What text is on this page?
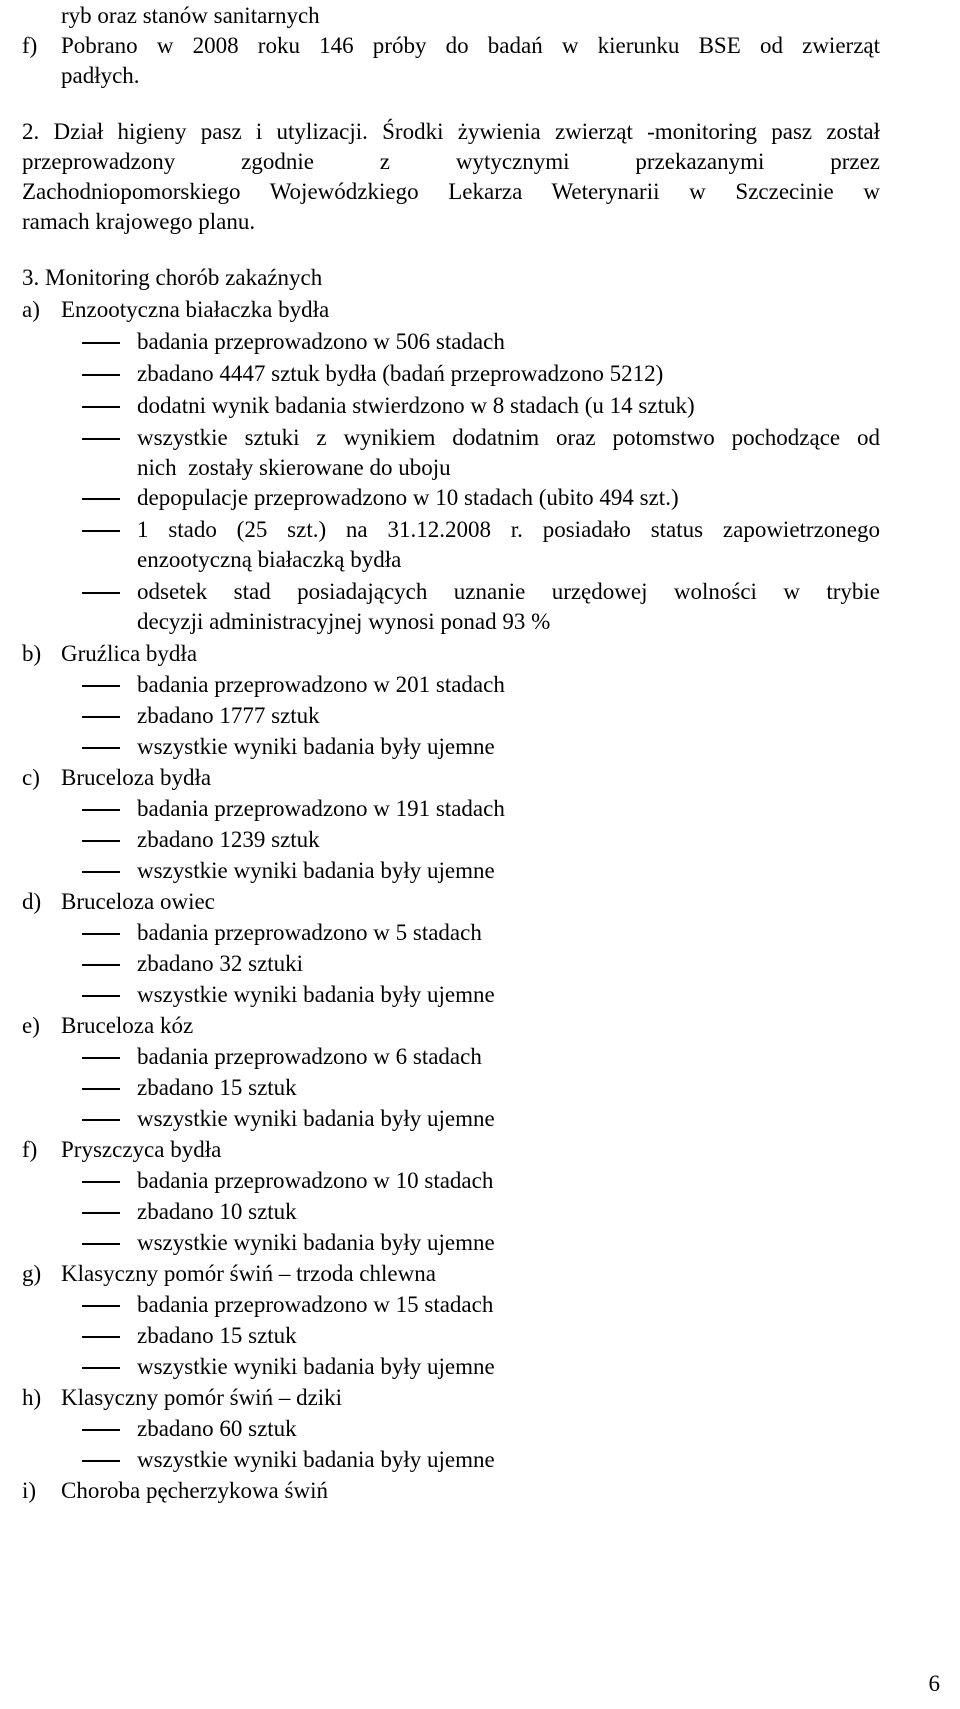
ryb oraz stanów sanitarnych
f) Pobrano w 2008 roku 146 próby do badań w kierunku BSE od zwierząt
padłych.
2. Dział higieny pasz i utylizacji. Środki żywienia zwierząt -monitoring pasz został
przeprowadzony zgodnie z wytycznymi przekazanymi przez
Zachodniopomorskiego Wojewódzkiego Lekarza Weterynarii w Szczecinie w
ramach krajowego planu.
3. Monitoring chorób zakaźnych
a) Enzootyczna białaczka bydła
badania przeprowadzono w 506 stadach
zbadano 4447 sztuk bydła (badań przeprowadzono 5212)
dodatni wynik badania stwierdzono w 8 stadach (u 14 sztuk)
wszystkie sztuki z wynikiem dodatnim oraz potomstwo pochodzące od
nich  zostały skierowane do uboju
depopulacje przeprowadzono w 10 stadach (ubito 494 szt.)
1 stado (25 szt.) na 31.12.2008 r. posiadało status zapowietrzonego
enzootyczną białaczką bydła
odsetek stad posiadających uznanie urzędowej wolności w trybie
decyzji administracyjnej wynosi ponad 93 %
b) Gruźlica bydła
badania przeprowadzono w 201 stadach
zbadano 1777 sztuk
wszystkie wyniki badania były ujemne
c) Bruceloza bydła
badania przeprowadzono w 191 stadach
zbadano 1239 sztuk
wszystkie wyniki badania były ujemne
d) Bruceloza owiec
badania przeprowadzono w 5 stadach
zbadano 32 sztuki
wszystkie wyniki badania były ujemne
e) Bruceloza kóz
badania przeprowadzono w 6 stadach
zbadano 15 sztuk
wszystkie wyniki badania były ujemne
f) Pryszczyca bydła
badania przeprowadzono w 10 stadach
zbadano 10 sztuk
wszystkie wyniki badania były ujemne
g) Klasyczny pomór świń – trzoda chlewna
badania przeprowadzono w 15 stadach
zbadano 15 sztuk
wszystkie wyniki badania były ujemne
h) Klasyczny pomór świń – dziki
zbadano 60 sztuk
wszystkie wyniki badania były ujemne
i) Choroba pęcherzykowa świń
6
